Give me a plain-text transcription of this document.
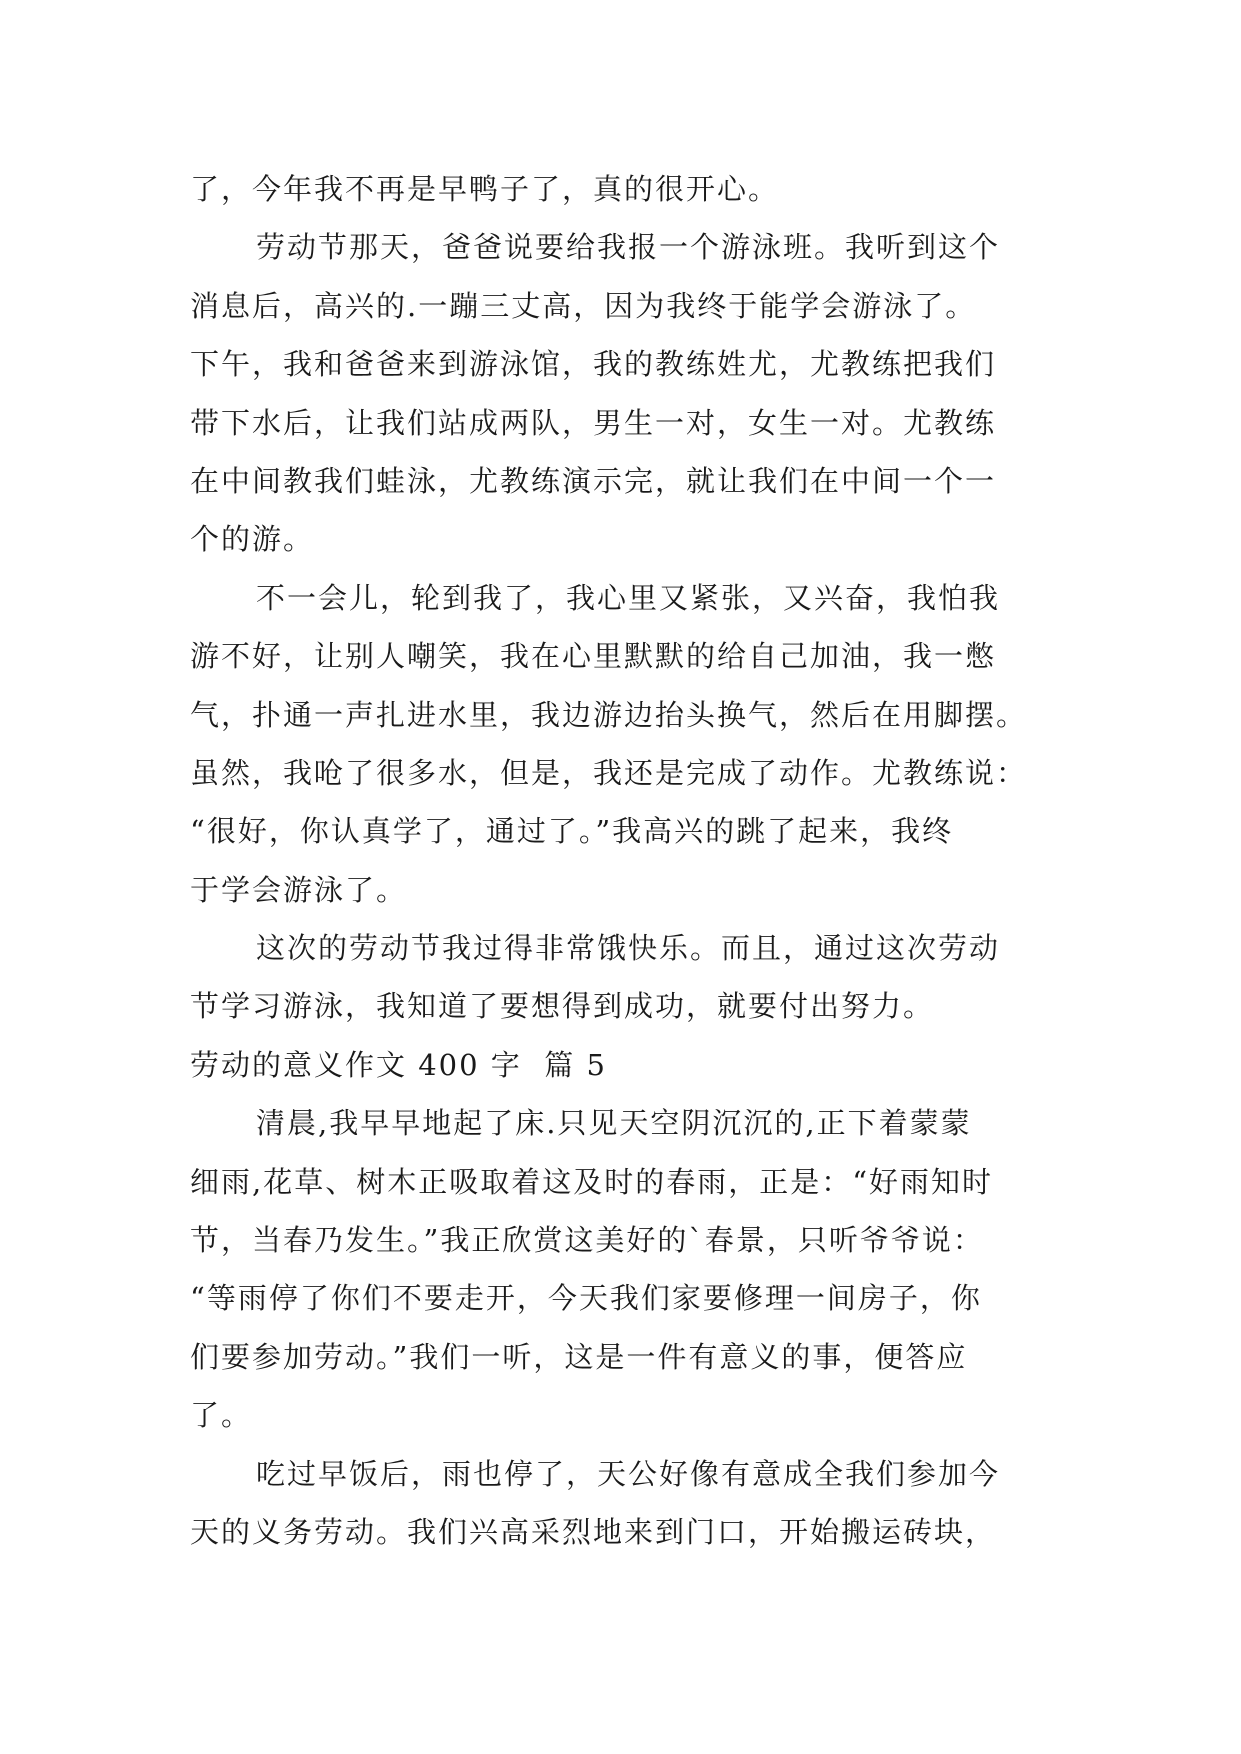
了，今年我不再是早鸭子了，真的很开心。
劳动节那天，爸爸说要给我报一个游泳班。我听到这个
消息后，高兴的.一蹦三丈高，因为我终于能学会游泳了。
下午，我和爸爸来到游泳馆，我的教练姓尤，尤教练把我们
带下水后，让我们站成两队，男生一对，女生一对。尤教练
在中间教我们蛙泳，尤教练演示完，就让我们在中间一个一
个的游。
不一会儿，轮到我了，我心里又紧张，又兴奋，我怕我
游不好，让别人嘲笑，我在心里默默的给自己加油，我一憋
气，扑通一声扎进水里，我边游边抬头换气，然后在用脚摆。
虽然，我呛了很多水，但是，我还是完成了动作。尤教练说：
“很好，你认真学了，通过了。”我高兴的跳了起来，我终
于学会游泳了。
这次的劳动节我过得非常饿快乐。而且，通过这次劳动
节学习游泳，我知道了要想得到成功，就要付出努力。
劳动的意义作文 400 字  篇 5
清晨,我早早地起了床.只见天空阴沉沉的,正下着蒙蒙
细雨,花草、树木正吸取着这及时的春雨，正是：“好雨知时
节，当春乃发生。”我正欣赏这美好的`春景，只听爷爷说：
“等雨停了你们不要走开，今天我们家要修理一间房子，你
们要参加劳动。”我们一听，这是一件有意义的事，便答应
了。
吃过早饭后，雨也停了，天公好像有意成全我们参加今
天的义务劳动。我们兴高采烈地来到门口，开始搬运砖块，
